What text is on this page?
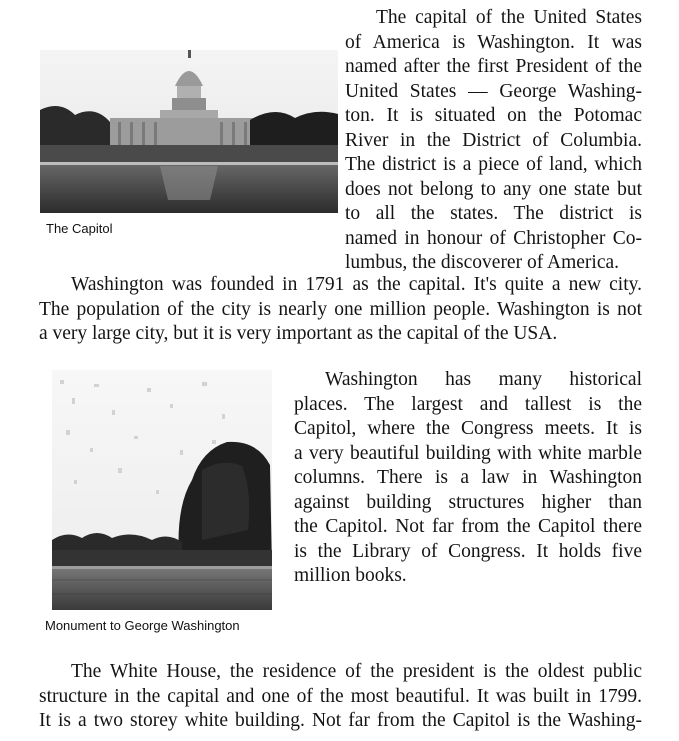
The Capitol
The capital of the United States
of America is Washington. It was
named after the first President of the
United States — George Washing-
ton. It is situated on the Potomac
River in the District of Columbia.
The district is a piece of land, which
does not belong to any one state but
to all the states. The district is
named in honour of Christopher Co-
lumbus, the discoverer of America.
Washington was founded in 1791 as the capital. It's quite a new city.
The population of the city is nearly one million people. Washington is not
a very large city, but it is very important as the capital of the USA.
Monument to George Washington
Washington has many historical
places. The largest and tallest is the
Capitol, where the Congress meets. It is
a very beautiful building with white marble
columns. There is a law in Washington
against building structures higher than
the Capitol. Not far from the Capitol there
is the Library of Congress. It holds five
million books.
The White House, the residence of the president is the oldest public
structure in the capital and one of the most beautiful. It was built in 1799.
It is a two storey white building. Not far from the Capitol is the Washing-
